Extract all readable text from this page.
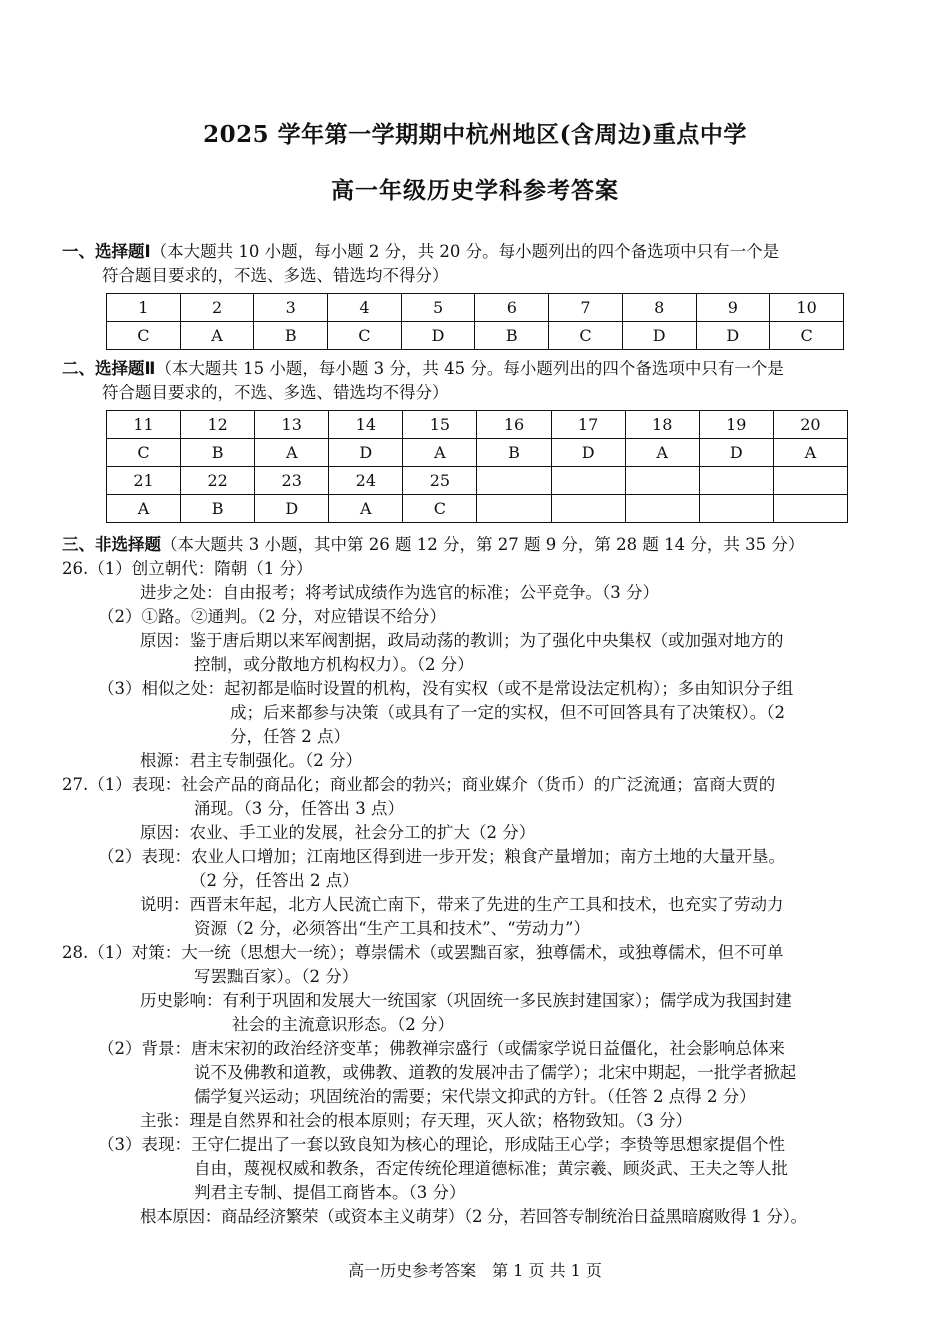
2025 学年第一学期期中杭州地区(含周边)重点中学
高一年级历史学科参考答案
一、选择题Ⅰ（本大题共 10 小题，每小题 2 分，共 20 分。每小题列出的四个备选项中只有一个是
符合题目要求的，不选、多选、错选均不得分）
1	2	3	4	5	6	7	8	9	10
C	A	B	C	D	B	C	D	D	C
二、选择题Ⅱ（本大题共 15 小题，每小题 3 分，共 45 分。每小题列出的四个备选项中只有一个是
符合题目要求的，不选、多选、错选均不得分）
11	12	13	14	15	16	17	18	19	20
C	B	A	D	A	B	D	A	D	A
21	22	23	24	25					
A	B	D	A	C					
三、非选择题（本大题共 3 小题，其中第 26 题 12 分，第 27 题 9 分，第 28 题 14 分，共 35 分）
26.（1）创立朝代：隋朝（1 分）
进步之处：自由报考；将考试成绩作为选官的标准；公平竞争。（3 分）
（2）①路。②通判。（2 分，对应错误不给分）
原因：鉴于唐后期以来军阀割据，政局动荡的教训；为了强化中央集权（或加强对地方的
控制，或分散地方机构权力）。（2 分）
（3）相似之处：起初都是临时设置的机构，没有实权（或不是常设法定机构）；多由知识分子组
成；后来都参与决策（或具有了一定的实权，但不可回答具有了决策权）。（2
分，任答 2 点）
根源：君主专制强化。（2 分）
27.（1）表现：社会产品的商品化；商业都会的勃兴；商业媒介（货币）的广泛流通；富商大贾的
涌现。（3 分，任答出 3 点）
原因：农业、手工业的发展，社会分工的扩大（2 分）
（2）表现：农业人口增加；江南地区得到进一步开发；粮食产量增加；南方土地的大量开垦。
（2 分，任答出 2 点）
说明：西晋末年起，北方人民流亡南下，带来了先进的生产工具和技术，也充实了劳动力
资源（2 分，必须答出“生产工具和技术”、“劳动力”）
28.（1）对策：大一统（思想大一统）；尊崇儒术（或罢黜百家，独尊儒术，或独尊儒术，但不可单
写罢黜百家）。（2 分）
历史影响：有利于巩固和发展大一统国家（巩固统一多民族封建国家）；儒学成为我国封建
社会的主流意识形态。（2 分）
（2）背景：唐末宋初的政治经济变革；佛教禅宗盛行（或儒家学说日益僵化，社会影响总体来
说不及佛教和道教，或佛教、道教的发展冲击了儒学）；北宋中期起，一批学者掀起
儒学复兴运动；巩固统治的需要；宋代崇文抑武的方针。（任答 2 点得 2 分）
主张：理是自然界和社会的根本原则；存天理，灭人欲；格物致知。（3 分）
（3）表现：王守仁提出了一套以致良知为核心的理论，形成陆王心学；李贽等思想家提倡个性
自由，蔑视权威和教条，否定传统伦理道德标准；黄宗羲、顾炎武、王夫之等人批
判君主专制、提倡工商皆本。（3 分）
根本原因：商品经济繁荣（或资本主义萌芽）（2 分，若回答专制统治日益黑暗腐败得 1 分）。
高一历史参考答案　第 1 页 共 1 页
